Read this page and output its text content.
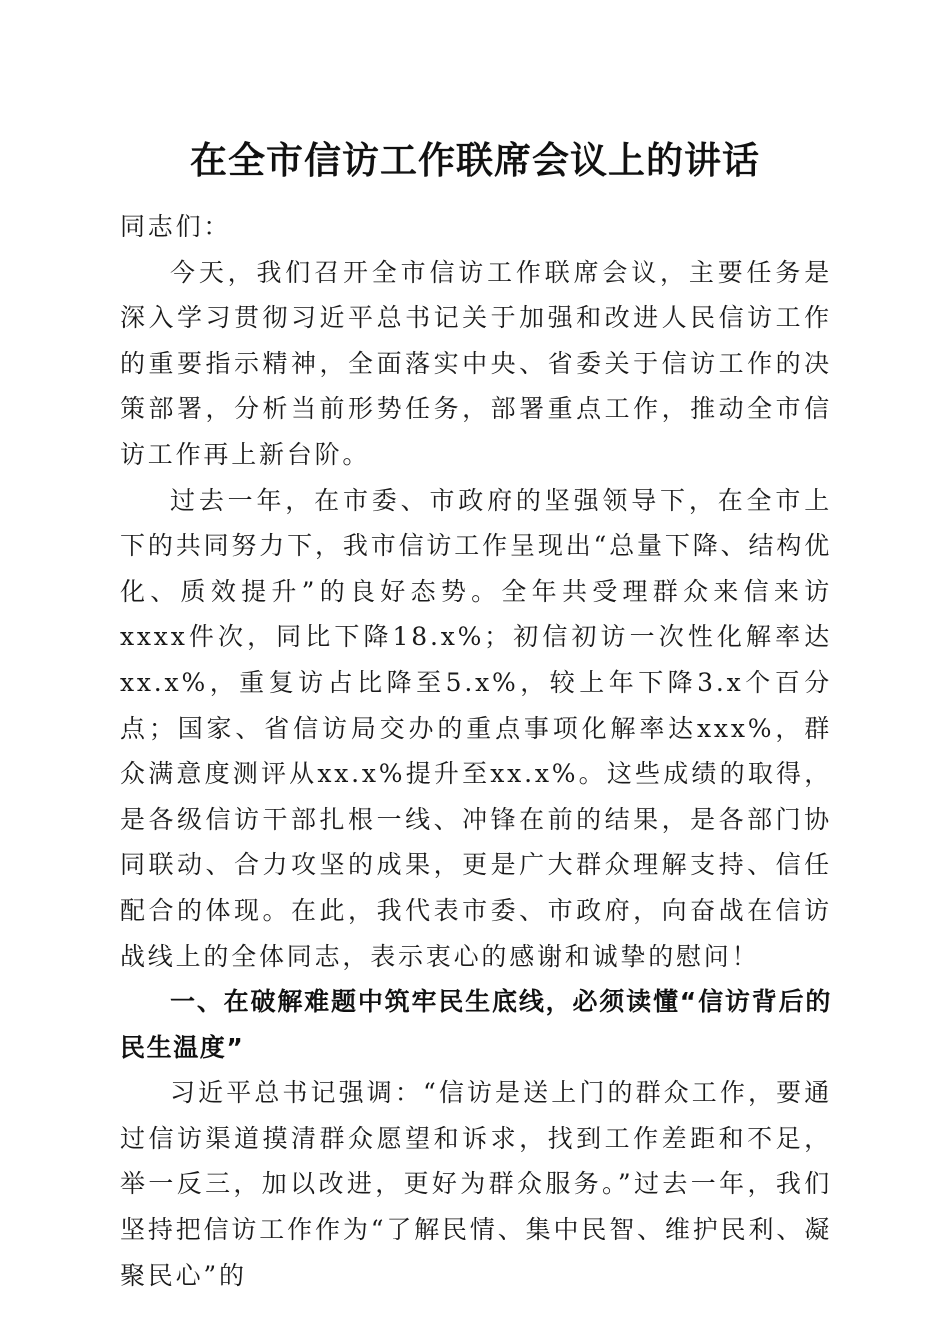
在全市信访工作联席会议上的讲话

同志们：

今天，我们召开全市信访工作联席会议，主要任务是深入学习贯彻习近平总书记关于加强和改进人民信访工作的重要指示精神，全面落实中央、省委关于信访工作的决策部署，分析当前形势任务，部署重点工作，推动全市信访工作再上新台阶。

过去一年，在市委、市政府的坚强领导下，在全市上下的共同努力下，我市信访工作呈现出“总量下降、结构优化、质效提升”的良好态势。全年共受理群众来信来访xxxx件次，同比下降18.x%；初信初访一次性化解率达xx.x%，重复访占比降至5.x%，较上年下降3.x个百分点；国家、省信访局交办的重点事项化解率达xxx%，群众满意度测评从xx.x%提升至xx.x%。这些成绩的取得，是各级信访干部扎根一线、冲锋在前的结果，是各部门协同联动、合力攻坚的成果，更是广大群众理解支持、信任配合的体现。在此，我代表市委、市政府，向奋战在信访战线上的全体同志，表示衷心的感谢和诚挚的慰问！

一、在破解难题中筑牢民生底线，必须读懂“信访背后的民生温度”

习近平总书记强调：“信访是送上门的群众工作，要通过信访渠道摸清群众愿望和诉求，找到工作差距和不足，举一反三，加以改进，更好为群众服务。”过去一年，我们坚持把信访工作作为“了解民情、集中民智、维护民利、凝聚民心”的
